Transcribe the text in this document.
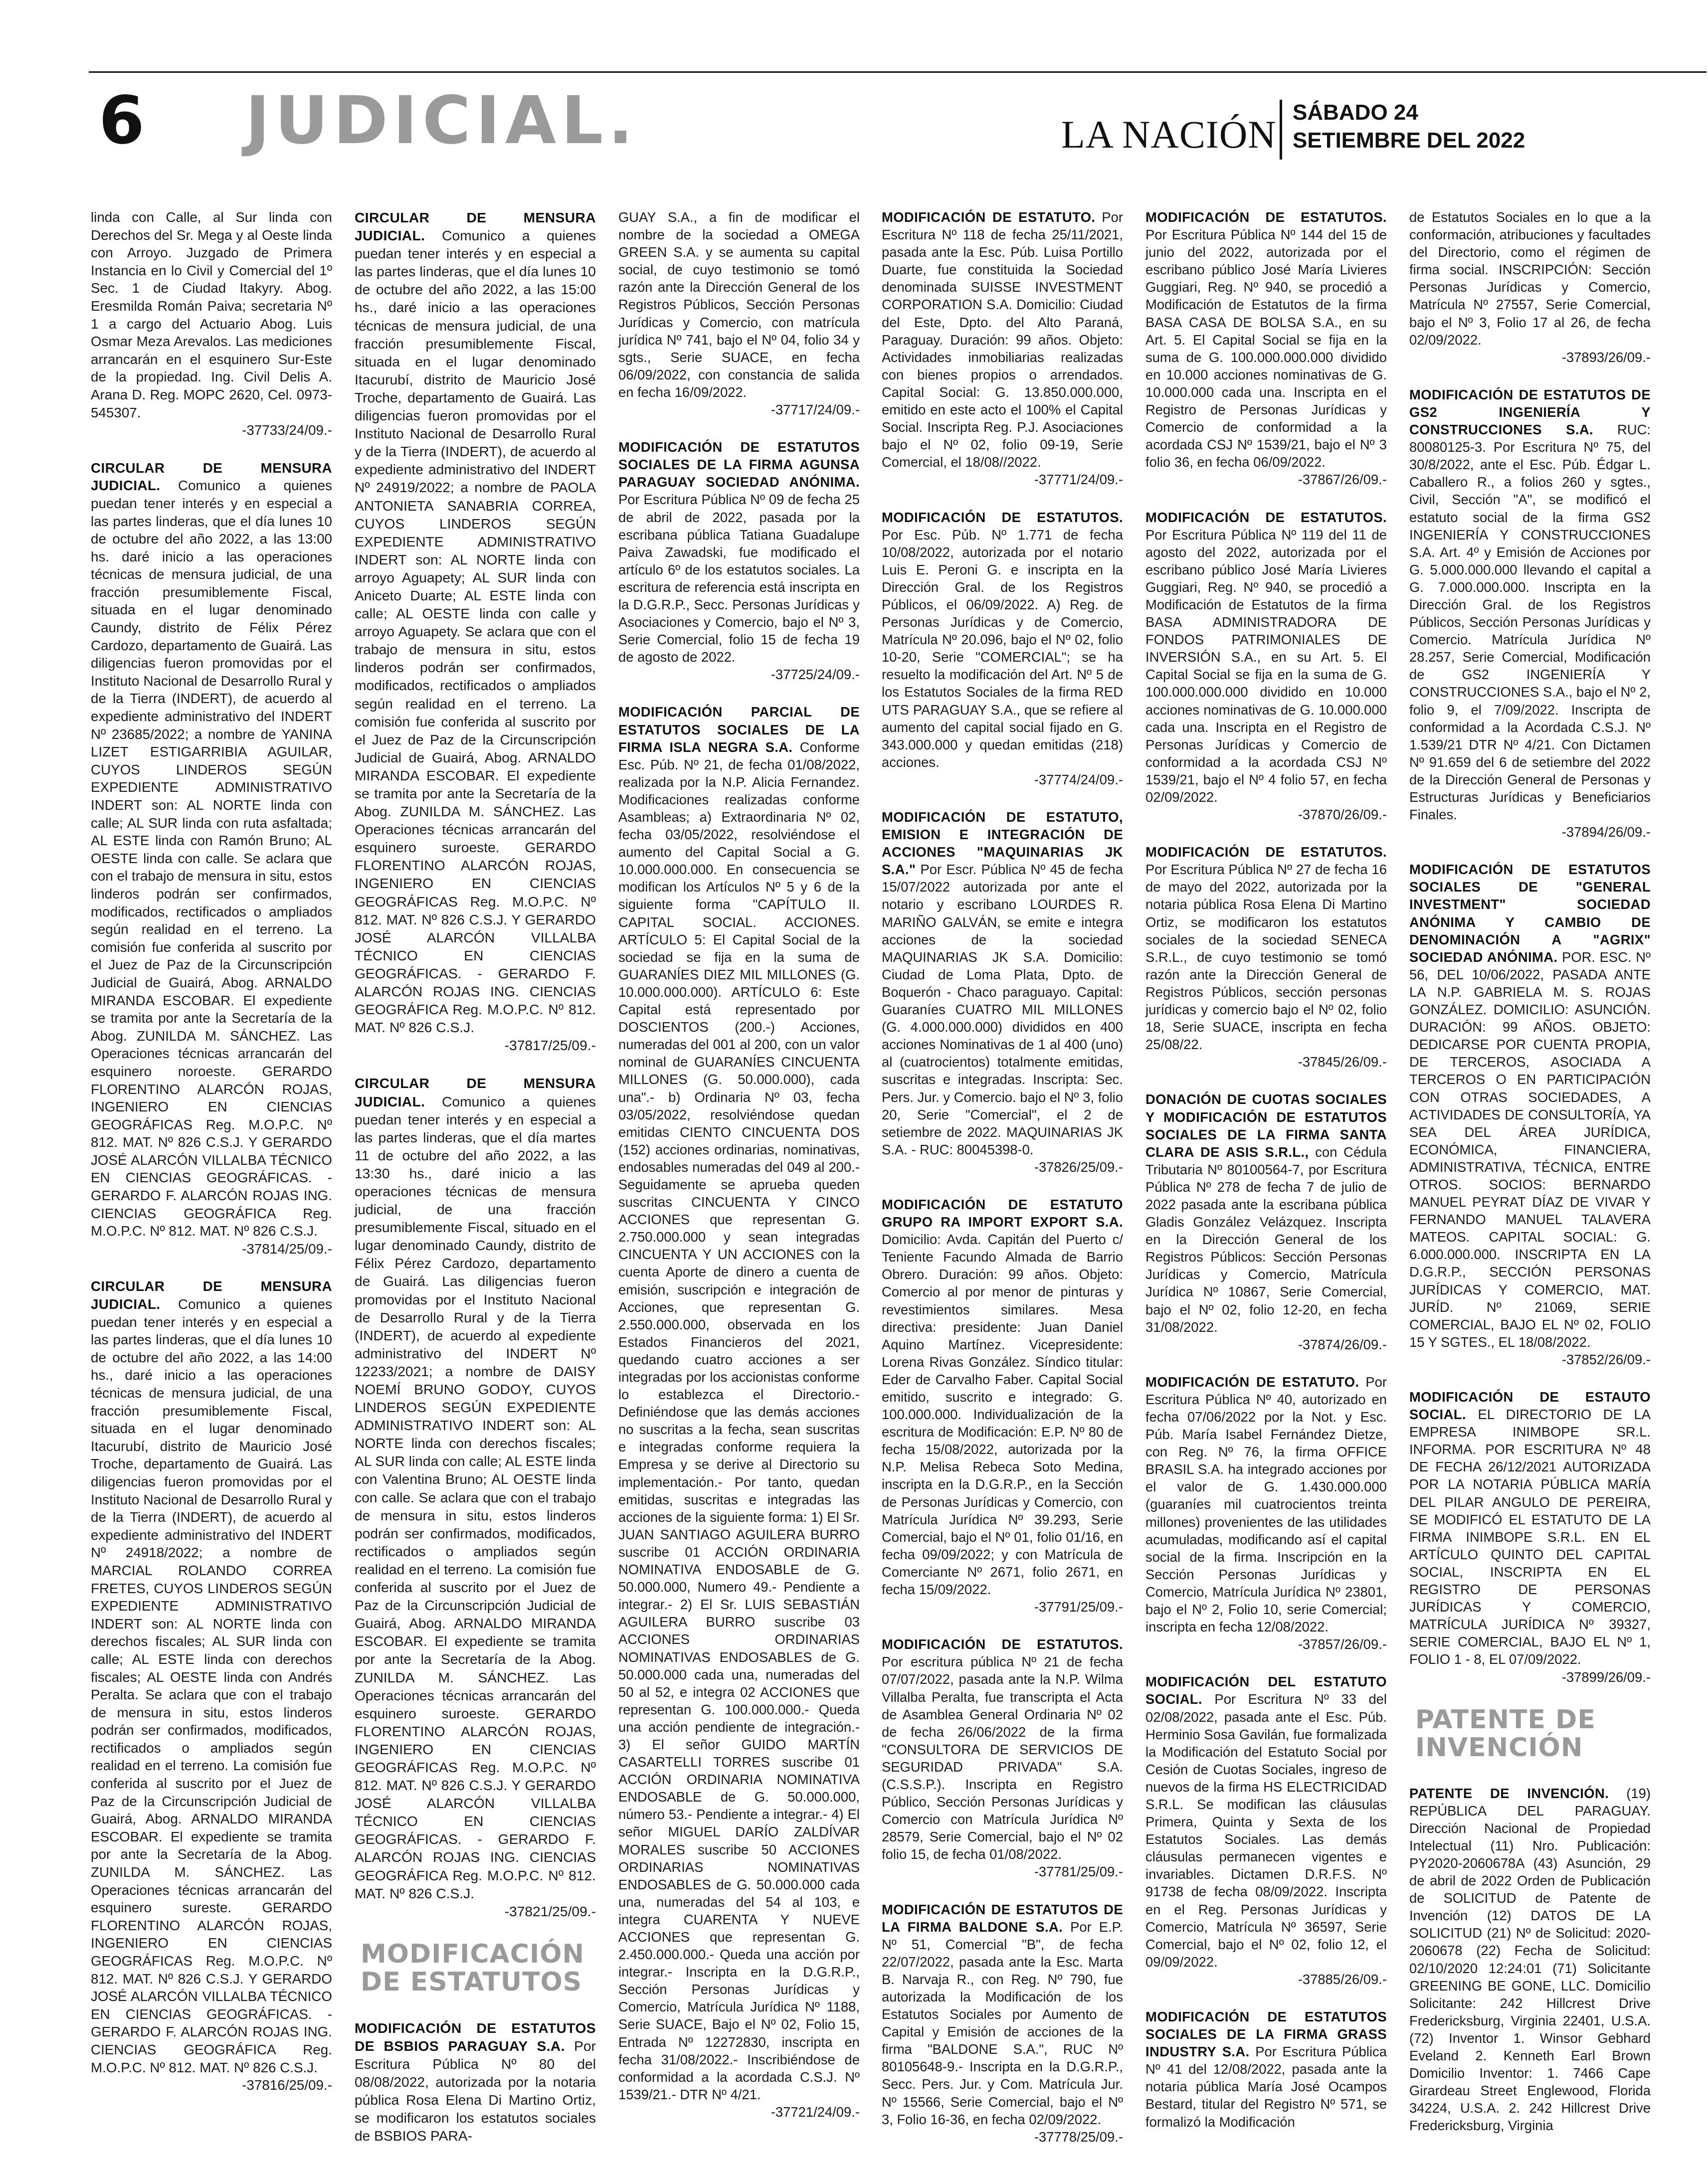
6 JUDICIAL.	LA NACIÓN
SÁBADO 24
SETIEMBRE DEL 2022

linda con Calle, al Sur linda con Derechos del Sr. Mega y al Oeste linda con Arroyo. Juzgado de Primera Instancia en lo Civil y Comercial del 1º Sec. 1 de Ciudad Itakyry. Abog. Eresmilda Román Paiva; secretaria Nº 1 a cargo del Actuario Abog. Luis Osmar Meza Arevalos. Las mediciones arrancarán en el esquinero Sur-Este de la propiedad. Ing. Civil Delis A. Arana D. Reg. MOPC 2620, Cel. 0973-545307.
-37733/24/09.-

CIRCULAR DE MENSURA JUDICIAL. Comunico a quienes puedan tener interés y en especial a las partes linderas, que el día lunes 10 de octubre del año 2022, a las 13:00 hs. daré inicio a las operaciones técnicas de mensura judicial, de una fracción presumiblemente Fiscal, situada en el lugar denominado Caundy, distrito de Félix Pérez Cardozo, departamento de Guairá. Las diligencias fueron promovidas por el Instituto Nacional de Desarrollo Rural y de la Tierra (INDERT), de acuerdo al expediente administrativo del INDERT Nº 23685/2022; a nombre de YANINA LIZET ESTIGARRIBIA AGUILAR, CUYOS LINDEROS SEGÚN EXPEDIENTE ADMINISTRATIVO INDERT son: AL NORTE linda con calle; AL SUR linda con ruta asfaltada; AL ESTE linda con Ramón Bruno; AL OESTE linda con calle. Se aclara que con el trabajo de mensura in situ, estos linderos podrán ser confirmados, modificados, rectificados o ampliados según realidad en el terreno. La comisión fue conferida al suscrito por el Juez de Paz de la Circunscripción Judicial de Guairá, Abog. ARNALDO MIRANDA ESCOBAR. El expediente se tramita por ante la Secretaría de la Abog. ZUNILDA M. SÁNCHEZ. Las Operaciones técnicas arrancarán del esquinero noroeste. GERARDO FLORENTINO ALARCÓN ROJAS, INGENIERO EN CIENCIAS GEOGRÁFICAS Reg. M.O.P.C. Nº 812. MAT. Nº 826 C.S.J. Y GERARDO JOSÉ ALARCÓN VILLALBA TÉCNICO EN CIENCIAS GEOGRÁFICAS. - GERARDO F. ALARCÓN ROJAS ING. CIENCIAS GEOGRÁFICA Reg. M.O.P.C. Nº 812. MAT. Nº 826 C.S.J.
-37814/25/09.-

CIRCULAR DE MENSURA JUDICIAL. Comunico a quienes puedan tener interés y en especial a las partes linderas, que el día lunes 10 de octubre del año 2022, a las 14:00 hs., daré inicio a las operaciones técnicas de mensura judicial, de una fracción presumiblemente Fiscal, situada en el lugar denominado Itacurubí, distrito de Mauricio José Troche, departamento de Guairá. Las diligencias fueron promovidas por el Instituto Nacional de Desarrollo Rural y de la Tierra (INDERT), de acuerdo al expediente administrativo del INDERT Nº 24918/2022; a nombre de MARCIAL ROLANDO CORREA FRETES, CUYOS LINDEROS SEGÚN EXPEDIENTE ADMINISTRATIVO INDERT son: AL NORTE linda con derechos fiscales; AL SUR linda con calle; AL ESTE linda con derechos fiscales; AL OESTE linda con Andrés Peralta. Se aclara que con el trabajo de mensura in situ, estos linderos podrán ser confirmados, modificados, rectificados o ampliados según realidad en el terreno. La comisión fue conferida al suscrito por el Juez de Paz de la Circunscripción Judicial de Guairá, Abog. ARNALDO MIRANDA ESCOBAR. El expediente se tramita por ante la Secretaría de la Abog. ZUNILDA M. SÁNCHEZ. Las Operaciones técnicas arrancarán del esquinero sureste. GERARDO FLORENTINO ALARCÓN ROJAS, INGENIERO EN CIENCIAS GEOGRÁFICAS Reg. M.O.P.C. Nº 812. MAT. Nº 826 C.S.J. Y GERARDO JOSÉ ALARCÓN VILLALBA TÉCNICO EN CIENCIAS GEOGRÁFICAS. - GERARDO F. ALARCÓN ROJAS ING. CIENCIAS GEOGRÁFICA Reg. M.O.P.C. Nº 812. MAT. Nº 826 C.S.J.
-37816/25/09.-

CIRCULAR DE MENSURA JUDICIAL. Comunico a quienes puedan tener interés y en especial a las partes linderas, que el día lunes 10 de octubre del año 2022, a las 15:00 hs., daré inicio a las operaciones técnicas de mensura judicial, de una fracción presumiblemente Fiscal, situada en el lugar denominado Itacurubí, distrito de Mauricio José Troche, departamento de Guairá. Las diligencias fueron promovidas por el Instituto Nacional de Desarrollo Rural y de la Tierra (INDERT), de acuerdo al expediente administrativo del INDERT Nº 24919/2022; a nombre de PAOLA ANTONIETA SANABRIA CORREA, CUYOS LINDEROS SEGÚN EXPEDIENTE ADMINISTRATIVO INDERT son: AL NORTE linda con arroyo Aguapety; AL SUR linda con Aniceto Duarte; AL ESTE linda con calle; AL OESTE linda con calle y arroyo Aguapety. Se aclara que con el trabajo de mensura in situ, estos linderos podrán ser confirmados, modificados, rectificados o ampliados según realidad en el terreno. La comisión fue conferida al suscrito por el Juez de Paz de la Circunscripción Judicial de Guairá, Abog. ARNALDO MIRANDA ESCOBAR. El expediente se tramita por ante la Secretaría de la Abog. ZUNILDA M. SÁNCHEZ. Las Operaciones técnicas arrancarán del esquinero suroeste. GERARDO FLORENTINO ALARCÓN ROJAS, INGENIERO EN CIENCIAS GEOGRÁFICAS Reg. M.O.P.C. Nº 812. MAT. Nº 826 C.S.J. Y GERARDO JOSÉ ALARCÓN VILLALBA TÉCNICO EN CIENCIAS GEOGRÁFICAS. - GERARDO F. ALARCÓN ROJAS ING. CIENCIAS GEOGRÁFICA Reg. M.O.P.C. Nº 812. MAT. Nº 826 C.S.J.
-37817/25/09.-

CIRCULAR DE MENSURA JUDICIAL. Comunico a quienes puedan tener interés y en especial a las partes linderas, que el día martes 11 de octubre del año 2022, a las 13:30 hs., daré inicio a las operaciones técnicas de mensura judicial, de una fracción presumiblemente Fiscal, situado en el lugar denominado Caundy, distrito de Félix Pérez Cardozo, departamento de Guairá. Las diligencias fueron promovidas por el Instituto Nacional de Desarrollo Rural y de la Tierra (INDERT), de acuerdo al expediente administrativo del INDERT Nº 12233/2021; a nombre de DAISY NOEMÍ BRUNO GODOY, CUYOS LINDEROS SEGÚN EXPEDIENTE ADMINISTRATIVO INDERT son: AL NORTE linda con derechos fiscales; AL SUR linda con calle; AL ESTE linda con Valentina Bruno; AL OESTE linda con calle. Se aclara que con el trabajo de mensura in situ, estos linderos podrán ser confirmados, modificados, rectificados o ampliados según realidad en el terreno. La comisión fue conferida al suscrito por el Juez de Paz de la Circunscripción Judicial de Guairá, Abog. ARNALDO MIRANDA ESCOBAR. El expediente se tramita por ante la Secretaría de la Abog. ZUNILDA M. SÁNCHEZ. Las Operaciones técnicas arrancarán del esquinero suroeste. GERARDO FLORENTINO ALARCÓN ROJAS, INGENIERO EN CIENCIAS GEOGRÁFICAS Reg. M.O.P.C. Nº 812. MAT. Nº 826 C.S.J. Y GERARDO JOSÉ ALARCÓN VILLALBA TÉCNICO EN CIENCIAS GEOGRÁFICAS. - GERARDO F. ALARCÓN ROJAS ING. CIENCIAS GEOGRÁFICA Reg. M.O.P.C. Nº 812. MAT. Nº 826 C.S.J.
-37821/25/09.-

MODIFICACIÓN DE ESTATUTOS

MODIFICACIÓN DE ESTATUTOS DE BSBIOS PARAGUAY S.A. Por Escritura Pública Nº 80 del 08/08/2022, autorizada por la notaria pública Rosa Elena Di Martino Ortiz, se modificaron los estatutos sociales de BSBIOS PARA-

GUAY S.A., a fin de modificar el nombre de la sociedad a OMEGA GREEN S.A. y se aumenta su capital social, de cuyo testimonio se tomó razón ante la Dirección General de los Registros Públicos, Sección Personas Jurídicas y Comercio, con matrícula jurídica Nº 741, bajo el Nº 04, folio 34 y sgts., Serie SUACE, en fecha 06/09/2022, con constancia de salida en fecha 16/09/2022.
-37717/24/09.-

MODIFICACIÓN DE ESTATUTOS SOCIALES DE LA FIRMA AGUNSA PARAGUAY SOCIEDAD ANÓNIMA. Por Escritura Pública Nº 09 de fecha 25 de abril de 2022, pasada por la escribana pública Tatiana Guadalupe Paiva Zawadski, fue modificado el artículo 6º de los estatutos sociales. La escritura de referencia está inscripta en la D.G.R.P., Secc. Personas Jurídicas y Asociaciones y Comercio, bajo el Nº 3, Serie Comercial, folio 15 de fecha 19 de agosto de 2022.
-37725/24/09.-

MODIFICACIÓN PARCIAL DE ESTATUTOS SOCIALES DE LA FIRMA ISLA NEGRA S.A. Conforme Esc. Púb. Nº 21, de fecha 01/08/2022, realizada por la N.P. Alicia Fernandez. Modificaciones realizadas conforme Asambleas; a) Extraordinaria Nº 02, fecha 03/05/2022, resolviéndose el aumento del Capital Social a G. 10.000.000.000. En consecuencia se modifican los Artículos Nº 5 y 6 de la siguiente forma "CAPÍTULO II. CAPITAL SOCIAL. ACCIONES. ARTÍCULO 5: El Capital Social de la sociedad se fija en la suma de GUARANÍES DIEZ MIL MILLONES (G. 10.000.000.000). ARTÍCULO 6: Este Capital está representado por DOSCIENTOS (200.-) Acciones, numeradas del 001 al 200, con un valor nominal de GUARANÍES CINCUENTA MILLONES (G. 50.000.000), cada una".- b) Ordinaria Nº 03, fecha 03/05/2022, resolviéndose quedan emitidas CIENTO CINCUENTA DOS (152) acciones ordinarias, nominativas, endosables numeradas del 049 al 200.- Seguidamente se aprueba queden suscritas CINCUENTA Y CINCO ACCIONES que representan G. 2.750.000.000 y sean integradas CINCUENTA Y UN ACCIONES con la cuenta Aporte de dinero a cuenta de emisión, suscripción e integración de Acciones, que representan G. 2.550.000.000, observada en los Estados Financieros del 2021, quedando cuatro acciones a ser integradas por los accionistas conforme lo establezca el Directorio.- Definiéndose que las demás acciones no suscritas a la fecha, sean suscritas e integradas conforme requiera la Empresa y se derive al Directorio su implementación.- Por tanto, quedan emitidas, suscritas e integradas las acciones de la siguiente forma: 1) El Sr. JUAN SANTIAGO AGUILERA BURRO suscribe 01 ACCIÓN ORDINARIA NOMINATIVA ENDOSABLE de G. 50.000.000, Numero 49.- Pendiente a integrar.- 2) El Sr. LUIS SEBASTIÁN AGUILERA BURRO suscribe 03 ACCIONES ORDINARIAS NOMINATIVAS ENDOSABLES de G. 50.000.000 cada una, numeradas del 50 al 52, e integra 02 ACCIONES que representan G. 100.000.000.- Queda una acción pendiente de integración.- 3) El señor GUIDO MARTÍN CASARTELLI TORRES suscribe 01 ACCIÓN ORDINARIA NOMINATIVA ENDOSABLE de G. 50.000.000, número 53.- Pendiente a integrar.- 4) El señor MIGUEL DARÍO ZALDÍVAR MORALES suscribe 50 ACCIONES ORDINARIAS NOMINATIVAS ENDOSABLES de G. 50.000.000 cada una, numeradas del 54 al 103, e integra CUARENTA Y NUEVE ACCIONES que representan G. 2.450.000.000.- Queda una acción por integrar.- Inscripta en la D.G.R.P., Sección Personas Jurídicas y Comercio, Matrícula Jurídica Nº 1188, Serie SUACE, Bajo el Nº 02, Folio 15, Entrada Nº 12272830, inscripta en fecha 31/08/2022.- Inscribiéndose de conformidad a la acordada C.S.J. Nº 1539/21.- DTR Nº 4/21.
-37721/24/09.-

MODIFICACIÓN DE ESTATUTO. Por Escritura Nº 118 de fecha 25/11/2021, pasada ante la Esc. Púb. Luisa Portillo Duarte, fue constituida la Sociedad denominada SUISSE INVESTMENT CORPORATION S.A. Domicilio: Ciudad del Este, Dpto. del Alto Paraná, Paraguay. Duración: 99 años. Objeto: Actividades inmobiliarias realizadas con bienes propios o arrendados. Capital Social: G. 13.850.000.000, emitido en este acto el 100% el Capital Social. Inscripta Reg. P.J. Asociaciones bajo el Nº 02, folio 09-19, Serie Comercial, el 18/08//2022.
-37771/24/09.-

MODIFICACIÓN DE ESTATUTOS. Por Esc. Púb. Nº 1.771 de fecha 10/08/2022, autorizada por el notario Luis E. Peroni G. e inscripta en la Dirección Gral. de los Registros Públicos, el 06/09/2022. A) Reg. de Personas Jurídicas y de Comercio, Matrícula Nº 20.096, bajo el Nº 02, folio 10-20, Serie "COMERCIAL"; se ha resuelto la modificación del Art. Nº 5 de los Estatutos Sociales de la firma RED UTS PARAGUAY S.A., que se refiere al aumento del capital social fijado en G. 343.000.000 y quedan emitidas (218) acciones.
-37774/24/09.-

MODIFICACIÓN DE ESTATUTO, EMISION E INTEGRACIÓN DE ACCIONES "MAQUINARIAS JK S.A." Por Escr. Pública Nº 45 de fecha 15/07/2022 autorizada por ante el notario y escribano LOURDES R. MARIÑO GALVÁN, se emite e integra acciones de la sociedad MAQUINARIAS JK S.A. Domicilio: Ciudad de Loma Plata, Dpto. de Boquerón - Chaco paraguayo. Capital: Guaraníes CUATRO MIL MILLONES (G. 4.000.000.000) divididos en 400 acciones Nominativas de 1 al 400 (uno) al (cuatrocientos) totalmente emitidas, suscritas e integradas. Inscripta: Sec. Pers. Jur. y Comercio. bajo el Nº 3, folio 20, Serie "Comercial", el 2 de setiembre de 2022. MAQUINARIAS JK S.A. - RUC: 80045398-0.
-37826/25/09.-

MODIFICACIÓN DE ESTATUTO GRUPO RA IMPORT EXPORT S.A. Domicilio: Avda. Capitán del Puerto c/ Teniente Facundo Almada de Barrio Obrero. Duración: 99 años. Objeto: Comercio al por menor de pinturas y revestimientos similares. Mesa directiva: presidente: Juan Daniel Aquino Martínez. Vicepresidente: Lorena Rivas González. Síndico titular: Eder de Carvalho Faber. Capital Social emitido, suscrito e integrado: G. 100.000.000. Individualización de la escritura de Modificación: E.P. Nº 80 de fecha 15/08/2022, autorizada por la N.P. Melisa Rebeca Soto Medina, inscripta en la D.G.R.P., en la Sección de Personas Jurídicas y Comercio, con Matrícula Jurídica Nº 39.293, Serie Comercial, bajo el Nº 01, folio 01/16, en fecha 09/09/2022; y con Matrícula de Comerciante Nº 2671, folio 2671, en fecha 15/09/2022.
-37791/25/09.-

MODIFICACIÓN DE ESTATUTOS. Por escritura pública Nº 21 de fecha 07/07/2022, pasada ante la N.P. Wilma Villalba Peralta, fue transcripta el Acta de Asamblea General Ordinaria Nº 02 de fecha 26/06/2022 de la firma "CONSULTORA DE SERVICIOS DE SEGURIDAD PRIVADA" S.A. (C.S.S.P.). Inscripta en Registro Público, Sección Personas Jurídicas y Comercio con Matrícula Jurídica Nº 28579, Serie Comercial, bajo el Nº 02 folio 15, de fecha 01/08/2022.
-37781/25/09.-

MODIFICACIÓN DE ESTATUTOS DE LA FIRMA BALDONE S.A. Por E.P. Nº 51, Comercial "B", de fecha 22/07/2022, pasada ante la Esc. Marta B. Narvaja R., con Reg. Nº 790, fue autorizada la Modificación de los Estatutos Sociales por Aumento de Capital y Emisión de acciones de la firma "BALDONE S.A.", RUC Nº 80105648-9.- Inscripta en la D.G.R.P., Secc. Pers. Jur. y Com. Matrícula Jur. Nº 15566, Serie Comercial, bajo el Nº 3, Folio 16-36, en fecha 02/09/2022.
-37778/25/09.-

MODIFICACIÓN DE ESTATUTOS. Por Escritura Pública Nº 144 del 15 de junio del 2022, autorizada por el escribano público José María Livieres Guggiari, Reg. Nº 940, se procedió a Modificación de Estatutos de la firma BASA CASA DE BOLSA S.A., en su Art. 5. El Capital Social se fija en la suma de G. 100.000.000.000 dividido en 10.000 acciones nominativas de G. 10.000.000 cada una. Inscripta en el Registro de Personas Jurídicas y Comercio de conformidad a la acordada CSJ Nº 1539/21, bajo el Nº 3 folio 36, en fecha 06/09/2022.
-37867/26/09.-

MODIFICACIÓN DE ESTATUTOS. Por Escritura Pública Nº 119 del 11 de agosto del 2022, autorizada por el escribano público José María Livieres Guggiari, Reg. Nº 940, se procedió a Modificación de Estatutos de la firma BASA ADMINISTRADORA DE FONDOS PATRIMONIALES DE INVERSIÓN S.A., en su Art. 5. El Capital Social se fija en la suma de G. 100.000.000.000 dividido en 10.000 acciones nominativas de G. 10.000.000 cada una. Inscripta en el Registro de Personas Jurídicas y Comercio de conformidad a la acordada CSJ Nº 1539/21, bajo el Nº 4 folio 57, en fecha 02/09/2022.
-37870/26/09.-

MODIFICACIÓN DE ESTATUTOS. Por Escritura Pública Nº 27 de fecha 16 de mayo del 2022, autorizada por la notaria pública Rosa Elena Di Martino Ortiz, se modificaron los estatutos sociales de la sociedad SENECA S.R.L., de cuyo testimonio se tomó razón ante la Dirección General de Registros Públicos, sección personas jurídicas y comercio bajo el Nº 02, folio 18, Serie SUACE, inscripta en fecha 25/08/22.
-37845/26/09.-

DONACIÓN DE CUOTAS SOCIALES Y MODIFICACIÓN DE ESTATUTOS SOCIALES DE LA FIRMA SANTA CLARA DE ASIS S.R.L., con Cédula Tributaria Nº 80100564-7, por Escritura Pública Nº 278 de fecha 7 de julio de 2022 pasada ante la escribana pública Gladis González Velázquez. Inscripta en la Dirección General de los Registros Públicos: Sección Personas Jurídicas y Comercio, Matrícula Jurídica Nº 10867, Serie Comercial, bajo el Nº 02, folio 12-20, en fecha 31/08/2022.
-37874/26/09.-

MODIFICACIÓN DE ESTATUTO. Por Escritura Pública Nº 40, autorizado en fecha 07/06/2022 por la Not. y Esc. Púb. María Isabel Fernández Dietze, con Reg. Nº 76, la firma OFFICE BRASIL S.A. ha integrado acciones por el valor de G. 1.430.000.000 (guaraníes mil cuatrocientos treinta millones) provenientes de las utilidades acumuladas, modificando así el capital social de la firma. Inscripción en la Sección Personas Jurídicas y Comercio, Matrícula Jurídica Nº 23801, bajo el Nº 2, Folio 10, serie Comercial; inscripta en fecha 12/08/2022.
-37857/26/09.-

MODIFICACIÓN DEL ESTATUTO SOCIAL. Por Escritura Nº 33 del 02/08/2022, pasada ante el Esc. Púb. Herminio Sosa Gavilán, fue formalizada la Modificación del Estatuto Social por Cesión de Cuotas Sociales, ingreso de nuevos de la firma HS ELECTRICIDAD S.R.L. Se modifican las cláusulas Primera, Quinta y Sexta de los Estatutos Sociales. Las demás cláusulas permanecen vigentes e invariables. Dictamen D.R.F.S. Nº 91738 de fecha 08/09/2022. Inscripta en el Reg. Personas Jurídicas y Comercio, Matrícula Nº 36597, Serie Comercial, bajo el Nº 02, folio 12, el 09/09/2022.
-37885/26/09.-

MODIFICACIÓN DE ESTATUTOS SOCIALES DE LA FIRMA GRASS INDUSTRY S.A. Por Escritura Pública Nº 41 del 12/08/2022, pasada ante la notaria pública María José Ocampos Bestard, titular del Registro Nº 571, se formalizó la Modificación

de Estatutos Sociales en lo que a la conformación, atribuciones y facultades del Directorio, como el régimen de firma social. INSCRIPCIÓN: Sección Personas Jurídicas y Comercio, Matrícula Nº 27557, Serie Comercial, bajo el Nº 3, Folio 17 al 26, de fecha 02/09/2022.
-37893/26/09.-

MODIFICACIÓN DE ESTATUTOS DE GS2 INGENIERÍA Y CONSTRUCCIONES S.A. RUC: 80080125-3. Por Escritura Nº 75, del 30/8/2022, ante el Esc. Púb. Édgar L. Caballero R., a folios 260 y sgtes., Civil, Sección "A", se modificó el estatuto social de la firma GS2 INGENIERÍA Y CONSTRUCCIONES S.A. Art. 4º y Emisión de Acciones por G. 5.000.000.000 llevando el capital a G. 7.000.000.000. Inscripta en la Dirección Gral. de los Registros Públicos, Sección Personas Jurídicas y Comercio. Matrícula Jurídica Nº 28.257, Serie Comercial, Modificación de GS2 INGENIERÍA Y CONSTRUCCIONES S.A., bajo el Nº 2, folio 9, el 7/09/2022. Inscripta de conformidad a la Acordada C.S.J. Nº 1.539/21 DTR Nº 4/21. Con Dictamen Nº 91.659 del 6 de setiembre del 2022 de la Dirección General de Personas y Estructuras Jurídicas y Beneficiarios Finales.
-37894/26/09.-

MODIFICACIÓN DE ESTATUTOS SOCIALES DE "GENERAL INVESTMENT" SOCIEDAD ANÓNIMA Y CAMBIO DE DENOMINACIÓN A "AGRIX" SOCIEDAD ANÓNIMA. POR. ESC. Nº 56, DEL 10/06/2022, PASADA ANTE LA N.P. GABRIELA M. S. ROJAS GONZÁLEZ. DOMICILIO: ASUNCIÓN. DURACIÓN: 99 AÑOS. OBJETO: DEDICARSE POR CUENTA PROPIA, DE TERCEROS, ASOCIADA A TERCEROS O EN PARTICIPACIÓN CON OTRAS SOCIEDADES, A ACTIVIDADES DE CONSULTORÍA, YA SEA DEL ÁREA JURÍDICA, ECONÓMICA, FINANCIERA, ADMINISTRATIVA, TÉCNICA, ENTRE OTROS. SOCIOS: BERNARDO MANUEL PEYRAT DÍAZ DE VIVAR Y FERNANDO MANUEL TALAVERA MATEOS. CAPITAL SOCIAL: G. 6.000.000.000. INSCRIPTA EN LA D.G.R.P., SECCIÓN PERSONAS JURÍDICAS Y COMERCIO, MAT. JURÍD. Nº 21069, SERIE COMERCIAL, BAJO EL Nº 02, FOLIO 15 Y SGTES., EL 18/08/2022.
-37852/26/09.-

MODIFICACIÓN DE ESTAUTO SOCIAL. EL DIRECTORIO DE LA EMPRESA INIMBOPE SR.L. INFORMA. POR ESCRITURA Nº 48 DE FECHA 26/12/2021 AUTORIZADA POR LA NOTARIA PÚBLICA MARÍA DEL PILAR ANGULO DE PEREIRA, SE MODIFICÓ EL ESTATUTO DE LA FIRMA INIMBOPE S.R.L. EN EL ARTÍCULO QUINTO DEL CAPITAL SOCIAL, INSCRIPTA EN EL REGISTRO DE PERSONAS JURÍDICAS Y COMERCIO, MATRÍCULA JURÍDICA Nº 39327, SERIE COMERCIAL, BAJO EL Nº 1, FOLIO 1 - 8, EL 07/09/2022.
-37899/26/09.-

PATENTE DE INVENCIÓN

PATENTE DE INVENCIÓN. (19) REPÚBLICA DEL PARAGUAY. Dirección Nacional de Propiedad Intelectual (11) Nro. Publicación: PY2020-2060678A (43) Asunción, 29 de abril de 2022 Orden de Publicación de SOLICITUD de Patente de Invención (12) DATOS DE LA SOLICITUD (21) Nº de Solicitud: 2020-2060678 (22) Fecha de Solicitud: 02/10/2020 12:24:01 (71) Solicitante GREENING BE GONE, LLC. Domicilio Solicitante: 242 Hillcrest Drive Fredericksburg, Virginia 22401, U.S.A. (72) Inventor 1. Winsor Gebhard Eveland 2. Kenneth Earl Brown Domicilio Inventor: 1. 7466 Cape Girardeau Street Englewood, Florida 34224, U.S.A. 2. 242 Hillcrest Drive Fredericksburg, Virginia
